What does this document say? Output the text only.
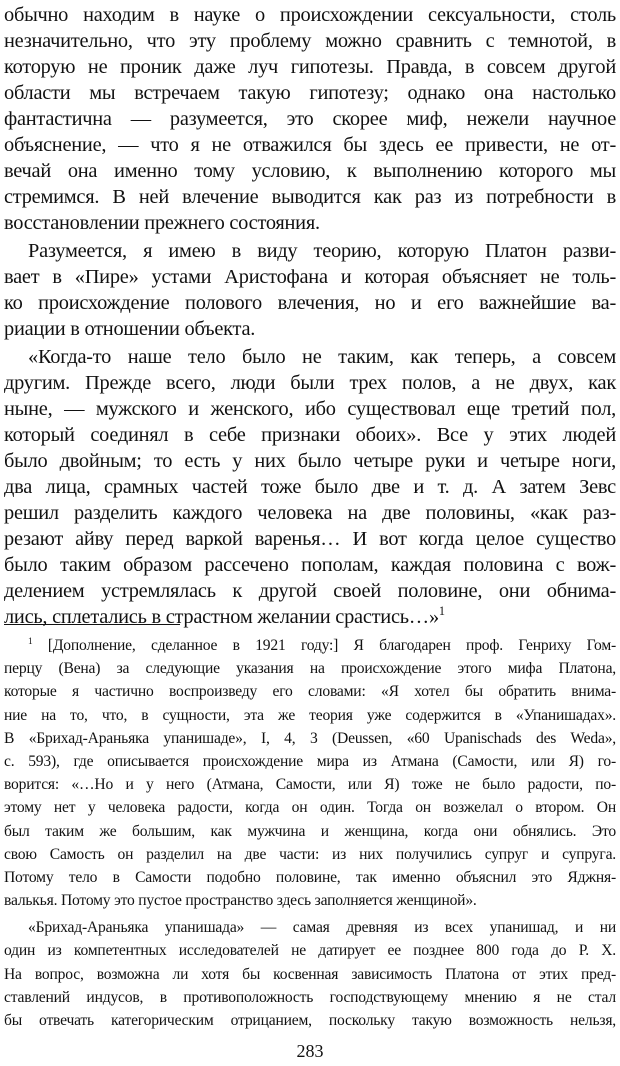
обычно находим в науке о происхождении сексуальности, столь
незначительно, что эту проблему можно сравнить с темнотой, в
которую не проник даже луч гипотезы. Правда, в совсем другой
области мы встречаем такую гипотезу; однако она настолько
фантастична — разумеется, это скорее миф, нежели научное
объяснение, — что я не отважился бы здесь ее привести, не от-
вечай она именно тому условию, к выполнению которого мы
стремимся. В ней влечение выводится как раз из потребности в
восстановлении прежнего состояния.
Разумеется, я имею в виду теорию, которую Платон разви-
вает в «Пире» устами Аристофана и которая объясняет не толь-
ко происхождение полового влечения, но и его важнейшие ва-
риации в отношении объекта.
«Когда-то наше тело было не таким, как теперь, а совсем
другим. Прежде всего, люди были трех полов, а не двух, как
ныне, — мужского и женского, ибо существовал еще третий пол,
который соединял в себе признаки обоих». Все у этих людей
было двойным; то есть у них было четыре руки и четыре ноги,
два лица, срамных частей тоже было две и т. д. А затем Зевс
решил разделить каждого человека на две половины, «как раз-
резают айву перед варкой варенья… И вот когда целое существо
было таким образом рассечено пополам, каждая половина с вож-
делением устремлялась к другой своей половине, они обнима-
лись, сплетались в страстном желании срастись…»$^1$
$^1$ [Дополнение, сделанное в 1921 году:] Я благодарен проф. Генриху Гом-
перцу (Вена) за следующие указания на происхождение этого мифа Платона,
которые я частично воспроизведу его словами: «Я хотел бы обратить внима-
ние на то, что, в сущности, эта же теория уже содержится в «Упанишадах».
В «Брихад-Араньяка упанишаде», I, 4, 3 (Deussen, «60 Upanischads des Weda»,
с. 593), где описывается происхождение мира из Атмана (Самости, или Я) го-
ворится: «…Но и у него (Атмана, Самости, или Я) тоже не было радости, по-
этому нет у человека радости, когда он один. Тогда он возжелал о втором. Он
был таким же большим, как мужчина и женщина, когда они обнялись. Это
свою Самость он разделил на две части: из них получились супруг и супруга.
Потому тело в Самости подобно половине, так именно объяснил это Яджня-
валькья. Потому это пустое пространство здесь заполняется женщиной».
«Брихад-Араньяка упанишада» — самая древняя из всех упанишад, и ни
один из компетентных исследователей не датирует ее позднее 800 года до Р. Х.
На вопрос, возможна ли хотя бы косвенная зависимость Платона от этих пред-
ставлений индусов, в противоположность господствующему мнению я не стал
бы отвечать категорическим отрицанием, поскольку такую возможность нельзя,
283
